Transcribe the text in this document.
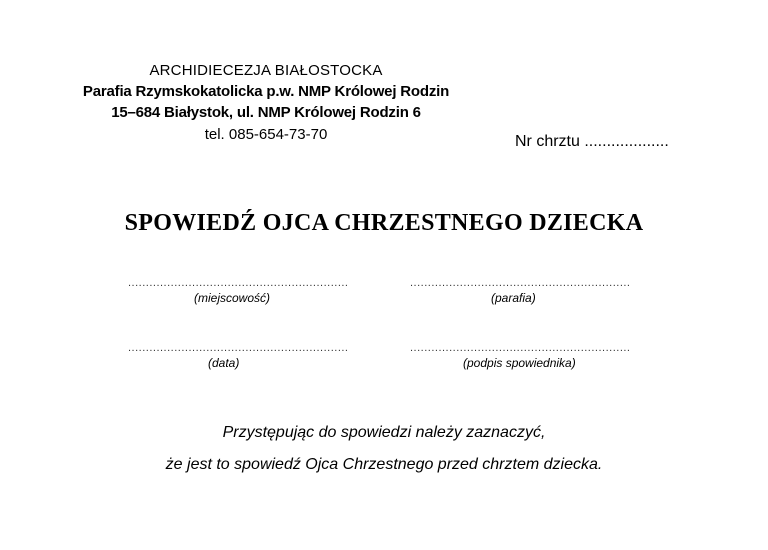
ARCHIDIECEZJA BIAŁOSTOCKA
Parafia Rzymskokatolicka p.w. NMP Królowej Rodzin
15–684 Białystok, ul. NMP Królowej Rodzin 6
tel. 085-654-73-70	Nr chrztu ...................
SPOWIEDŹ OJCA CHRZESTNEGO DZIECKA
..............................................................
(miejscowość)
..............................................................
(parafia)
..............................................................
(data)
..............................................................
(podpis spowiednika)
Przystępując do spowiedzi należy zaznaczyć,
że jest to spowiedź Ojca Chrzestnego przed chrztem dziecka.
